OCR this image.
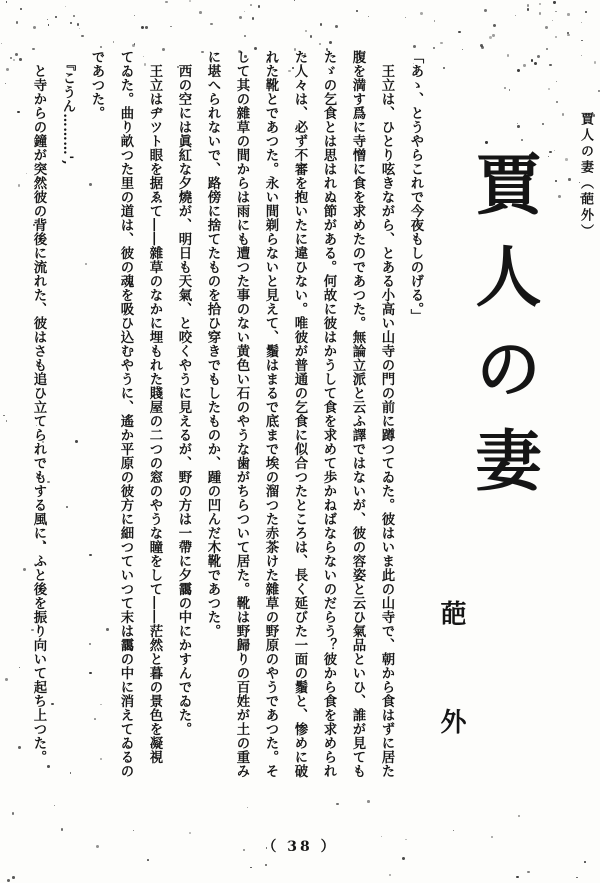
賈人の妻（葩外）
賈人の妻
葩外
「あゝ、とうやらこれで今夜もしのげる。」
　王立は、ひとり呟きながら、とある小高い山寺の門の前に蹲つてゐた。彼はいま此の山寺で、朝から食はずに居た
腹を満す爲に寺憎に食を求めたのであつた。無論立派と云ふ譯ではないが、彼の容姿と云ひ氣品といひ、誰が見ても
たゞの乞食とは思はれぬ節がある。何故に彼はかうして食を求めて歩かねばならないのだらう？彼から食を求められ
た人々は、必ず不審を抱いたに違ひない。唯彼が普通の乞食に似合つたところは、長く延びた一面の鬚と、惨めに破
れた靴とであつた。永い間剃らないと見えて、鬚はまるで底まで埃の溜つた赤茶けた雜草の野原のやうであつた。そ
して其の雜草の間からは雨にも遭つた事のない黄色い石のやうな歯がちらついて居た。靴は野歸りの百姓が土の重み
に堪へられないで、路傍に捨てたものを拾ひ穿きでもしたものか、踵の凹んだ木靴であつた。
　西の空には眞紅な夕燒が、明日も天氣、と咬くやうに見えるが、野の方は一帶に夕靄の中にかすんでゐた。
　王立はヂツト眼を据ゑて――雜草のなかに埋もれた賤屋の二つの窓のやうな瞳をして――茫然と暮の景色を凝視
てゐた。曲り畝つた里の道は、彼の魂を吸ひ込むやうに、遙か平原の彼方に細つていつて末は靄の中に消えてゐるの
であつた。
　『こうん………',
　と寺からの鐘が突然彼の背後に流れた、彼はさも追ひ立てられでもする風に、ふと後を振り向いて起ち上つた。
（ 38 ）
